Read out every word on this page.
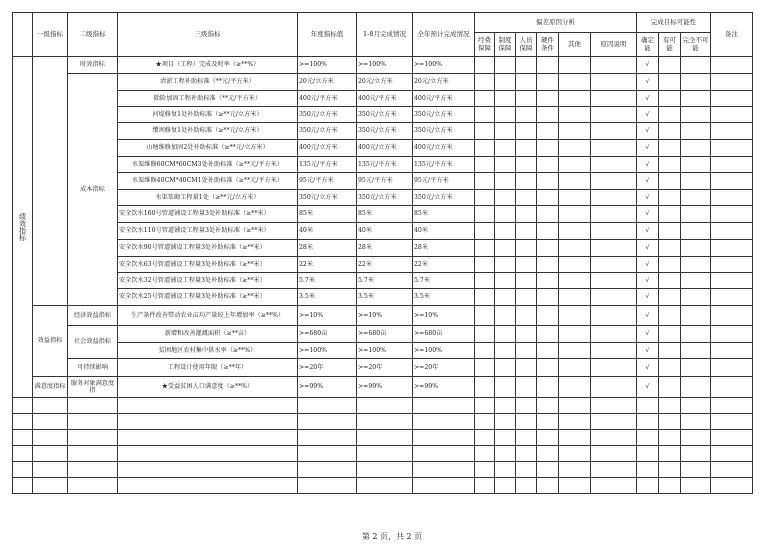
	一级指标	二级指标	三级指标	年度指标值	1-8月完成情况	全年预计完成情况	偏差原因分析						完成目标可能性			备注
							经费保障	制度保障	人员保障	硬件条件	其他	原因说明	确定能	有可能	完全不可能	
绩效指标		时效指标	★项目（工程）完成及时率（≥**%）	>=100%	>=100%	>=100%							√			
		成本指标	清淤工程补助标准（**元/平方米）	20元/立方米	20元/立方米	20元/立方米							√			
			除险加固工程补助标准（**元/平方米）	400元/平方米	400元/平方米	400元/平方米							√			
			河堤修复1处补助标准（≥**元/立方米）	350元/立方米	350元/立方米	350元/立方米							√			
			缨坝修复1处补助标准（≥**元/立方米）	350元/立方米	350元/立方米	350元/立方米							√			
			山塘维修加固2处补助标准（≥**元/立方米）	400元/立方米	400元/立方米	400元/立方米							√			
			水渠维修60CM*60CM3处补助标准（≥**元/平方米）	135元/平方米	135元/平方米	135元/平方米							√			
			水渠维修40CM*40CM1处补助标准（≥**元/平方米）	95元/平方米	95元/平方米	95元/平方米							√			
			水渠浆砌工程量1处（≥**元/立方米）	350元/立方米	350元/立方米	350元/立方米							√			
			安全饮水160号管道铺设工程量3处补助标准（≥**米）	85米	85米	85米							√			
			安全饮水110号管道铺设工程量3处补助标准（≥**米）	40米	40米	40米							√			
			安全饮水90号管道铺设工程量3处补助标准（≥**米）	28米	28米	28米							√			
			安全饮水63号管道铺设工程量3处补助标准（≥**米）	22米	22米	22米							√			
			安全饮水32号管道铺设工程量3处补助标准（≥**米）	5.7米	5.7米	5.7米							√			
			安全饮水25号管道铺设工程量3处补助标准（≥**米）	3.5米	3.5米	3.5米							√			
	效益指标	经济效益指标	生产条件改善带动农业亩均产量较上年增加率（≥**%）	>=10%	>=10%	>=10%							√			
		社会效益指标	新增和改善灌溉面积（≥**亩）	>=680亩	>=680亩	>=680亩							√			
			贫困地区农村集中供水率（≥**%）	>=100%	>=100%	>=100%							√			
		可持续影响	工程设计使用年限（≥**年）	>=20年	>=20年	>=20年							√			
	满意度指标	服务对象满意度指	★受益贫困人口满意度（≥**%）	>=99%	>=99%	>=99%							√			

第 2 页，共 2 页
